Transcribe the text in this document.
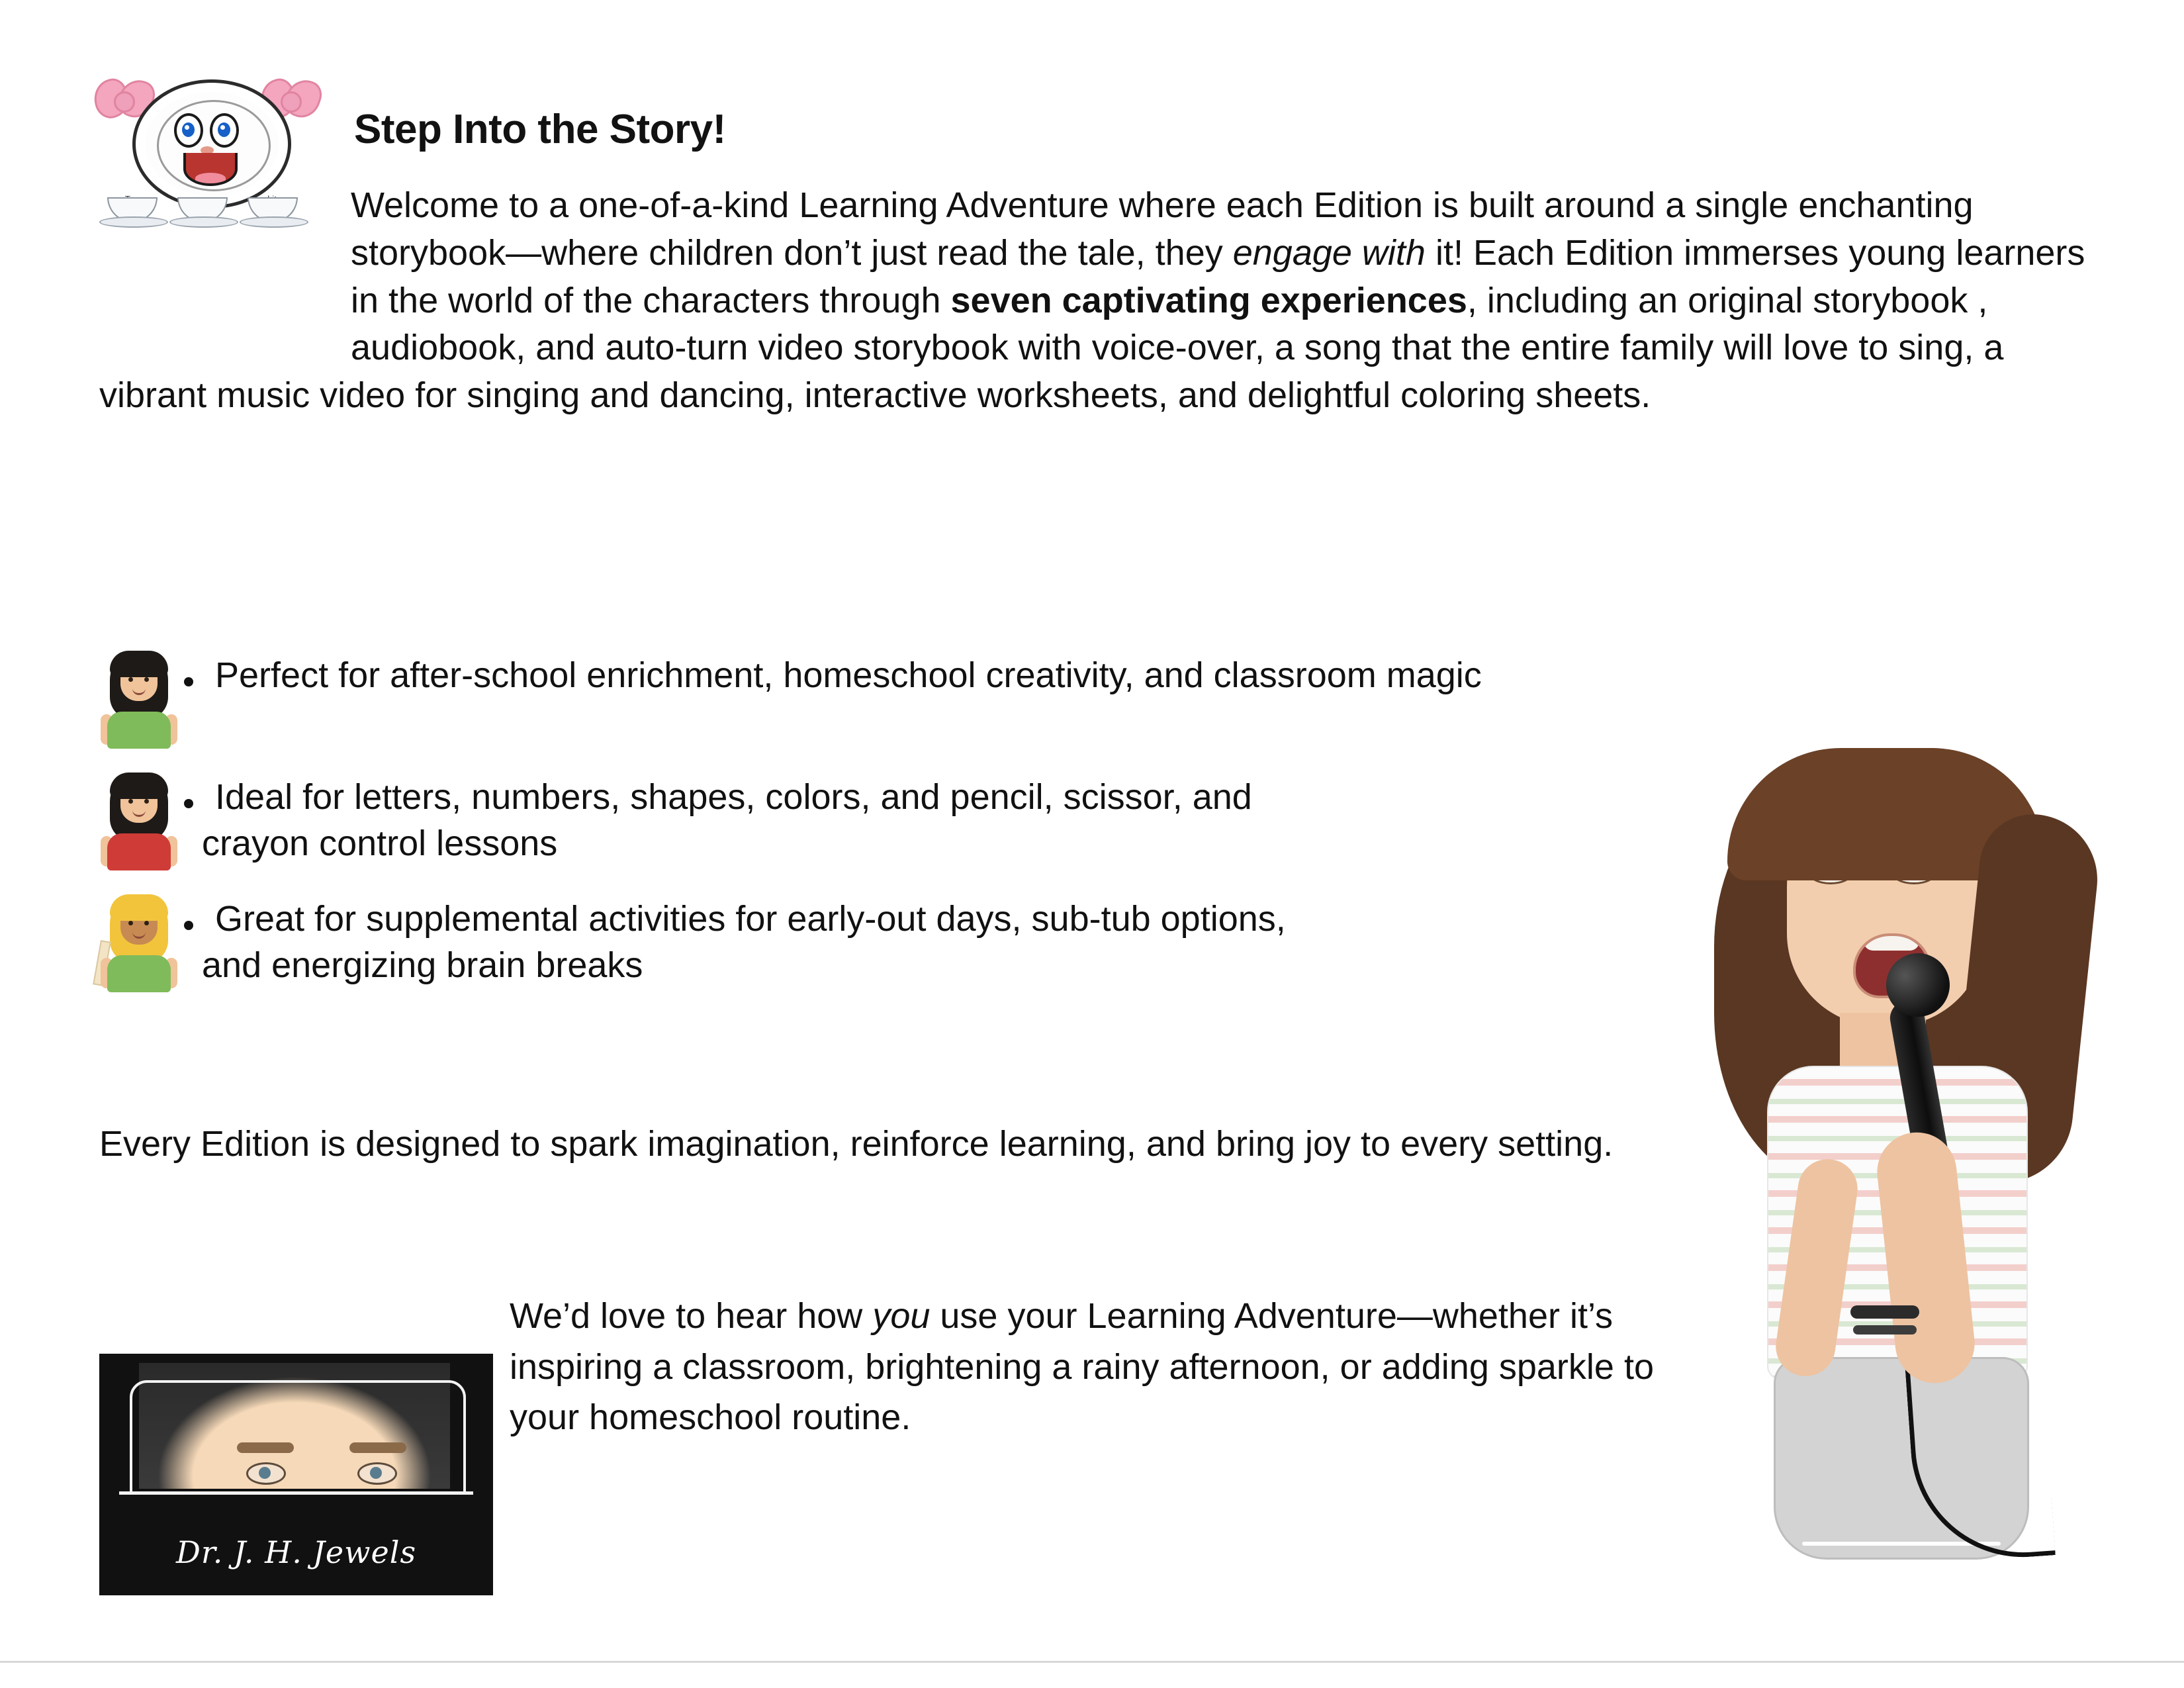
Step Into the Story!
Welcome to a one-of-a-kind Learning Adventure where each Edition is built around a single enchanting storybook—where children don’t just read the tale, they engage with it! Each Edition immerses young learners in the world of the characters through seven captivating experiences, including an original storybook , audiobook, and auto-turn video storybook with voice-over, a song that the entire family will love to sing, a vibrant music video for singing and dancing, interactive worksheets, and delightful coloring sheets.
Perfect for after-school enrichment, homeschool creativity, and classroom magic
Ideal for letters, numbers, shapes, colors, and pencil, scissor, and
crayon control lessons
Great for supplemental activities for early-out days, sub-tub options,
and energizing brain breaks
Every Edition is designed to spark imagination, reinforce learning, and bring joy to every setting.
We’d love to hear how you use your Learning Adventure—whether it’s inspiring a classroom, brightening a rainy afternoon, or adding sparkle to your homeschool routine.
Dr. J. H. Jewels
